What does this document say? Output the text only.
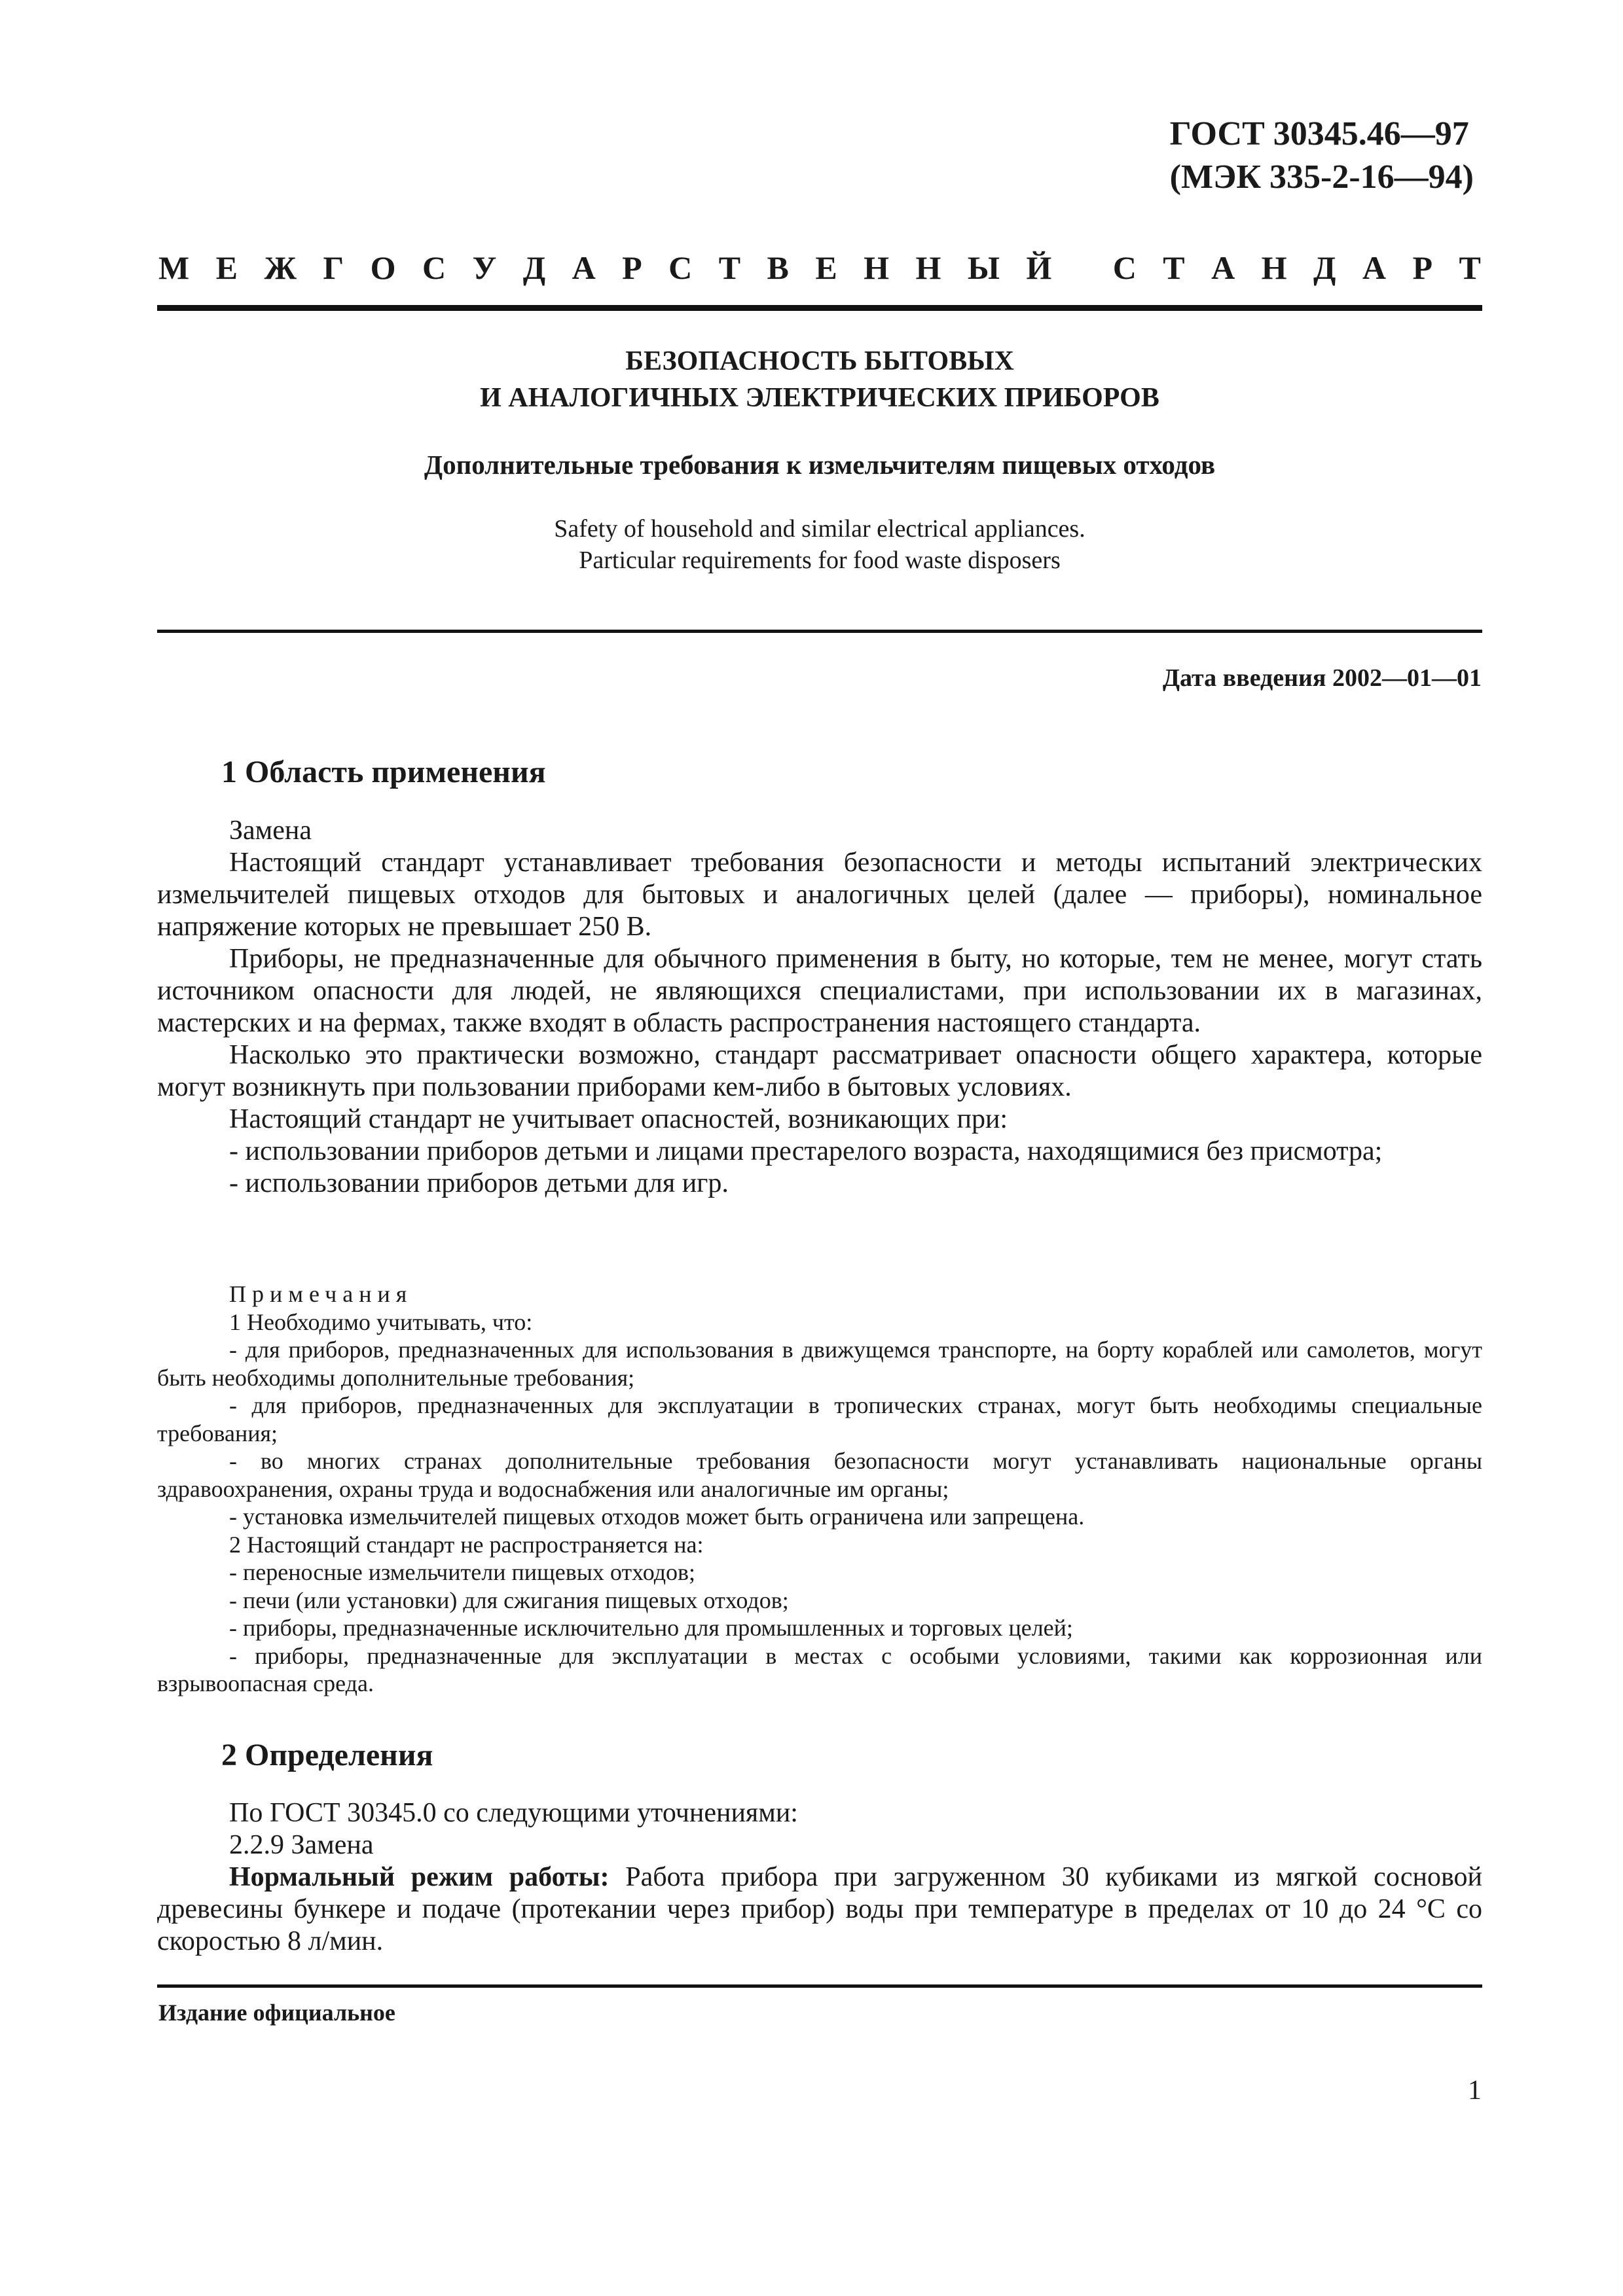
ГОСТ 30345.46—97
(МЭК 335-2-16—94)
М Е Ж Г О С У Д А Р С Т В Е Н Н Ы Й
С Т А Н Д А Р Т
БЕЗОПАСНОСТЬ БЫТОВЫХ
И АНАЛОГИЧНЫХ ЭЛЕКТРИЧЕСКИХ ПРИБОРОВ
Дополнительные требования к измельчителям пищевых отходов
Safety of household and similar electrical appliances.
Particular requirements for food waste disposers
Дата введения 2002—01—01
1 Область применения

Замена

Настоящий стандарт устанавливает требования безопасности и методы испытаний электрических измельчителей пищевых отходов для бытовых и аналогичных целей (далее — приборы), номинальное напряжение которых не превышает 250 В.

Приборы, не предназначенные для обычного применения в быту, но которые, тем не менее, могут стать источником опасности для людей, не являющихся специалистами, при использовании их в магазинах, мастерских и на фермах, также входят в область распространения настоящего стандарта.

Насколько это практически возможно, стандарт рассматривает опасности общего характера, которые могут возникнуть при пользовании приборами кем-либо в бытовых условиях.

Настоящий стандарт не учитывает опасностей, возникающих при:

- использовании приборов детьми и лицами престарелого возраста, находящимися без присмотра;

- использовании приборов детьми для игр.

Примечания

1 Необходимо учитывать, что:

- для приборов, предназначенных для использования в движущемся транспорте, на борту кораблей или самолетов, могут быть необходимы дополнительные требования;

- для приборов, предназначенных для эксплуатации в тропических странах, могут быть необходимы специальные требования;

- во многих странах дополнительные требования безопасности могут устанавливать национальные органы здравоохранения, охраны труда и водоснабжения или аналогичные им органы;

- установка измельчителей пищевых отходов может быть ограничена или запрещена.

2 Настоящий стандарт не распространяется на:

- переносные измельчители пищевых отходов;

- печи (или установки) для сжигания пищевых отходов;

- приборы, предназначенные исключительно для промышленных и торговых целей;

- приборы, предназначенные для эксплуатации в местах с особыми условиями, такими как коррозионная или взрывоопасная среда.

2 Определения

По ГОСТ 30345.0 со следующими уточнениями:

2.2.9 Замена

Нормальный режим работы: Работа прибора при загруженном 30 кубиками из мягкой сосновой древесины бункере и подаче (протекании через прибор) воды при температуре в пределах от 10 до 24 °С со скоростью 8 л/мин.

Издание официальное
1
